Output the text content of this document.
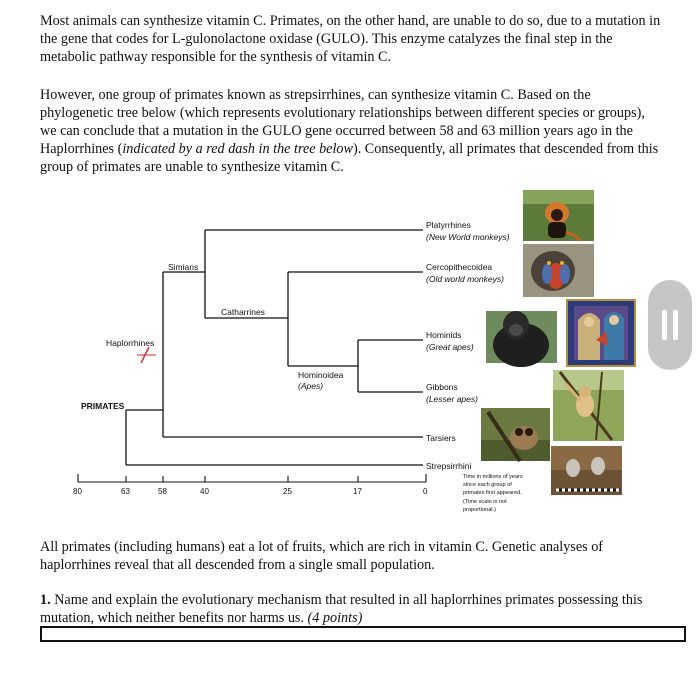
Most animals can synthesize vitamin C. Primates, on the other hand, are unable to do so, due to a mutation in the gene that codes for L-gulonolactone oxidase (GULO). This enzyme catalyzes the final step in the metabolic pathway responsible for the synthesis of vitamin C.

However, one group of primates known as strepsirrhines, can synthesize vitamin C. Based on the phylogenetic tree below (which represents evolutionary relationships between different species or groups), we can conclude that a mutation in the GULO gene occurred between 58 and 63 million years ago in the Haplorrhines (indicated by a red dash in the tree below). Consequently, all primates that descended from this group of primates are unable to synthesize vitamin C.

PRIMATES
Haplorrhines
Simians
Catharrines
Hominoidea
(Apes)
Platyrrhines
(New World monkeys)
Cercopithecoidea
(Old world monkeys)
Hominids
(Great apes)
Gibbons
(Lesser apes)
Tarsiers
Strepsirrhini
80	63	58	40	25	17	0
Time in millions of years
since each group of
primates first appeared.
(Time scale is not
proportional.)

All primates (including humans) eat a lot of fruits, which are rich in vitamin C. Genetic analyses of haplorrhines reveal that all descended from a single small population.

1. Name and explain the evolutionary mechanism that resulted in all haplorrhines primates possessing this mutation, which neither benefits nor harms us. (4 points)
